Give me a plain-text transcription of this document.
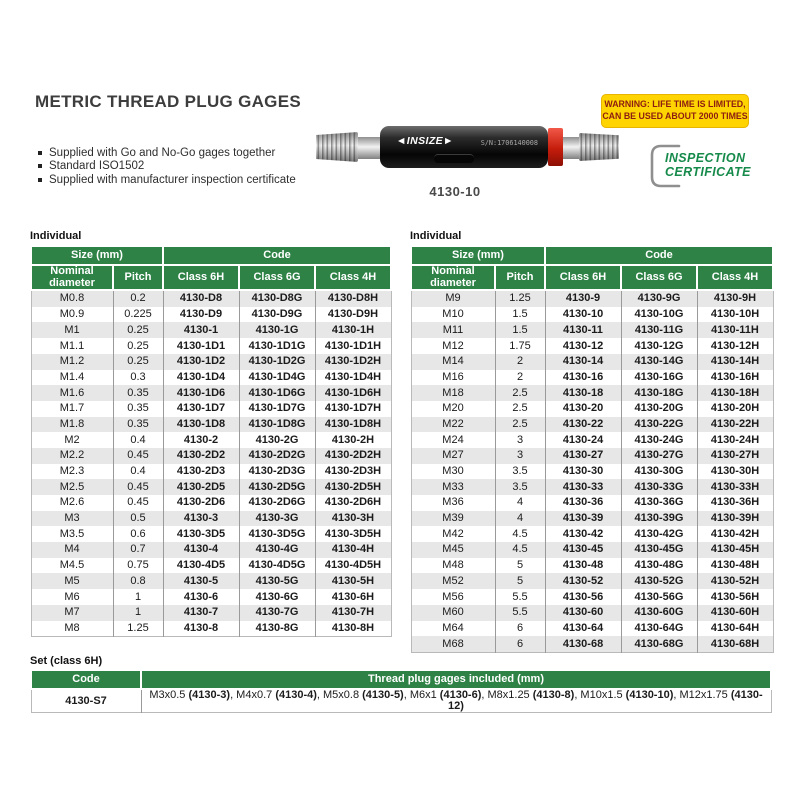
METRIC THREAD PLUG GAGES	WARNING: LIFE TIME IS LIMITED,
CAN BE USED ABOUT 2000 TIMES
Supplied with Go and No-Go gages together
Standard ISO1502
Supplied with manufacturer inspection certificate
◄INSIZE►	S/N:1706140008
4130-10
INSPECTION
CERTIFICATE
Individual
Size (mm)		Code		
Nominal diameter	Pitch	Class 6H	Class 6G	Class 4H
M0.8	0.2	4130-D8	4130-D8G	4130-D8H
M0.9	0.225	4130-D9	4130-D9G	4130-D9H
M1	0.25	4130-1	4130-1G	4130-1H
M1.1	0.25	4130-1D1	4130-1D1G	4130-1D1H
M1.2	0.25	4130-1D2	4130-1D2G	4130-1D2H
M1.4	0.3	4130-1D4	4130-1D4G	4130-1D4H
M1.6	0.35	4130-1D6	4130-1D6G	4130-1D6H
M1.7	0.35	4130-1D7	4130-1D7G	4130-1D7H
M1.8	0.35	4130-1D8	4130-1D8G	4130-1D8H
M2	0.4	4130-2	4130-2G	4130-2H
M2.2	0.45	4130-2D2	4130-2D2G	4130-2D2H
M2.3	0.4	4130-2D3	4130-2D3G	4130-2D3H
M2.5	0.45	4130-2D5	4130-2D5G	4130-2D5H
M2.6	0.45	4130-2D6	4130-2D6G	4130-2D6H
M3	0.5	4130-3	4130-3G	4130-3H
M3.5	0.6	4130-3D5	4130-3D5G	4130-3D5H
M4	0.7	4130-4	4130-4G	4130-4H
M4.5	0.75	4130-4D5	4130-4D5G	4130-4D5H
M5	0.8	4130-5	4130-5G	4130-5H
M6	1	4130-6	4130-6G	4130-6H
M7	1	4130-7	4130-7G	4130-7H
M8	1.25	4130-8	4130-8G	4130-8H
Individual
Size (mm)		Code		
Nominal diameter	Pitch	Class 6H	Class 6G	Class 4H
M9	1.25	4130-9	4130-9G	4130-9H
M10	1.5	4130-10	4130-10G	4130-10H
M11	1.5	4130-11	4130-11G	4130-11H
M12	1.75	4130-12	4130-12G	4130-12H
M14	2	4130-14	4130-14G	4130-14H
M16	2	4130-16	4130-16G	4130-16H
M18	2.5	4130-18	4130-18G	4130-18H
M20	2.5	4130-20	4130-20G	4130-20H
M22	2.5	4130-22	4130-22G	4130-22H
M24	3	4130-24	4130-24G	4130-24H
M27	3	4130-27	4130-27G	4130-27H
M30	3.5	4130-30	4130-30G	4130-30H
M33	3.5	4130-33	4130-33G	4130-33H
M36	4	4130-36	4130-36G	4130-36H
M39	4	4130-39	4130-39G	4130-39H
M42	4.5	4130-42	4130-42G	4130-42H
M45	4.5	4130-45	4130-45G	4130-45H
M48	5	4130-48	4130-48G	4130-48H
M52	5	4130-52	4130-52G	4130-52H
M56	5.5	4130-56	4130-56G	4130-56H
M60	5.5	4130-60	4130-60G	4130-60H
M64	6	4130-64	4130-64G	4130-64H
M68	6	4130-68	4130-68G	4130-68H
Set (class 6H)
Code	Thread plug gages included (mm)
4130-S7	M3x0.5 (4130-3), M4x0.7 (4130-4), M5x0.8 (4130-5), M6x1 (4130-6), M8x1.25 (4130-8), M10x1.5 (4130-10), M12x1.75 (4130-12)
